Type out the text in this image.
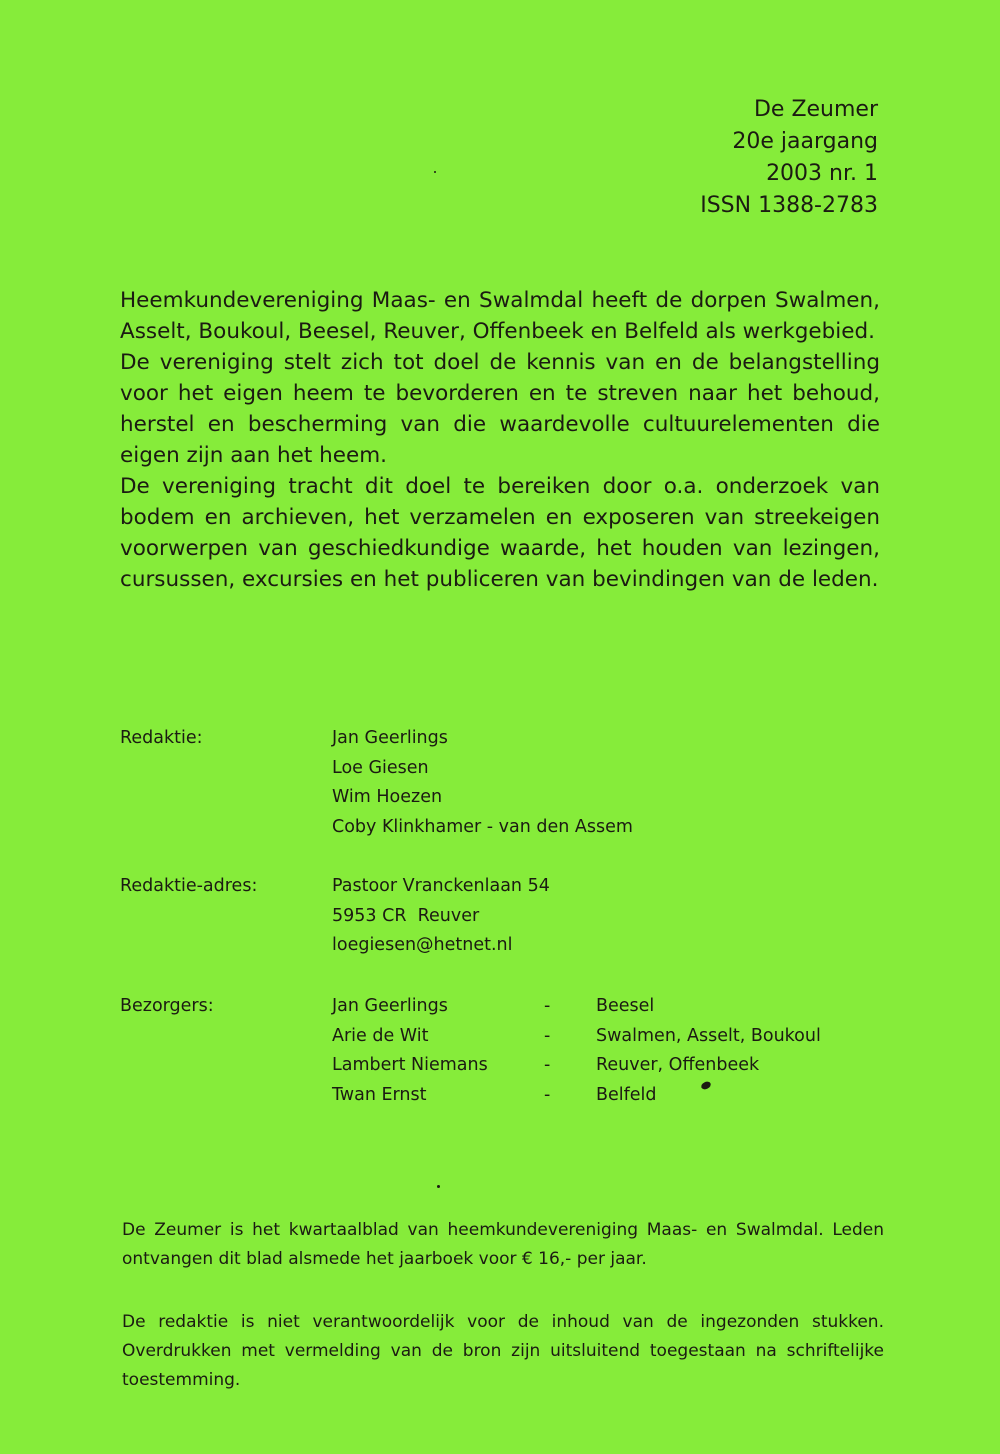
De Zeumer
20e jaargang
2003 nr. 1
ISSN 1388-2783

Heemkundevereniging Maas- en Swalmdal heeft de dorpen Swalmen, Asselt, Boukoul, Beesel, Reuver, Offenbeek en Belfeld als werkgebied.

De vereniging stelt zich tot doel de kennis van en de belangstelling voor het eigen heem te bevorderen en te streven naar het behoud, herstel en bescherming van die waardevolle cultuurelementen die eigen zijn aan het heem.

De vereniging tracht dit doel te bereiken door o.a. onderzoek van bodem en archieven, het verzamelen en exposeren van streekeigen voorwerpen van geschiedkundige waarde, het houden van lezingen, cursussen, excursies en het publiceren van bevindingen van de leden.

Redaktie:	Jan Geerlings
Loe Giesen
Wim Hoezen
Coby Klinkhamer - van den Assem
Redaktie-adres:	Pastoor Vranckenlaan 54
5953 CR  Reuver
loegiesen@hetnet.nl
Bezorgers:	Jan Geerlings	-	Beesel
Arie de Wit	-	Swalmen, Asselt, Boukoul
Lambert Niemans	-	Reuver, Offenbeek
Twan Ernst	-	Belfeld

De Zeumer is het kwartaalblad van heemkundevereniging Maas- en Swalmdal. Leden ontvangen dit blad alsmede het jaarboek voor € 16,- per jaar.

De redaktie is niet verantwoordelijk voor de inhoud van de ingezonden stukken. Overdrukken met vermelding van de bron zijn uitsluitend toegestaan na schriftelijke toestemming.
